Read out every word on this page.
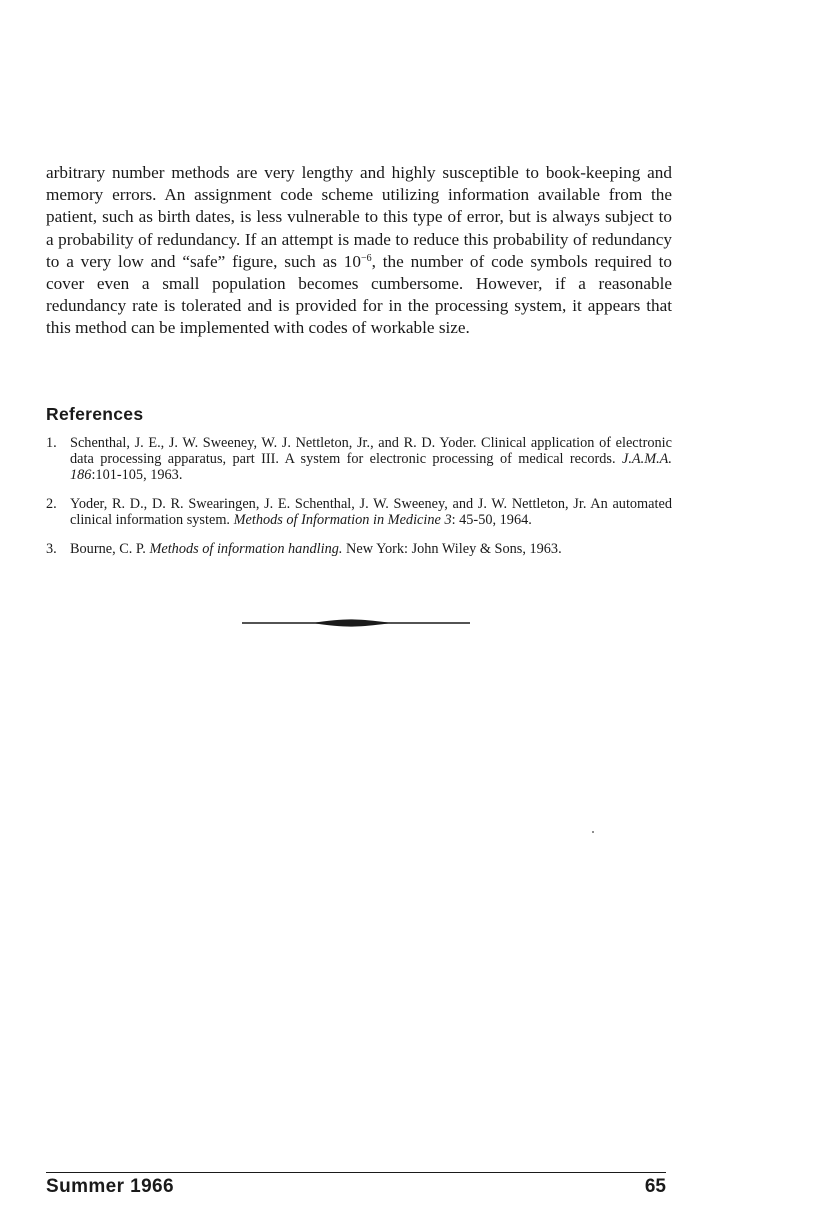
arbitrary number methods are very lengthy and highly susceptible to book-keeping and memory errors. An assignment code scheme utilizing information available from the patient, such as birth dates, is less vulnerable to this type of error, but is always subject to a probability of redundancy. If an attempt is made to reduce this probability of redundancy to a very low and “safe” figure, such as $10^{-6}$, the number of code symbols required to cover even a small population becomes cumbersome. However, if a reasonable redundancy rate is tolerated and is provided for in the processing system, it appears that this method can be implemented with codes of workable size.

References
1. Schenthal, J. E., J. W. Sweeney, W. J. Nettleton, Jr., and R. D. Yoder. Clinical application of electronic data processing apparatus, part III. A system for electronic processing of medical records. J.A.M.A. 186:101-105, 1963.
2. Yoder, R. D., D. R. Swearingen, J. E. Schenthal, J. W. Sweeney, and J. W. Nettleton, Jr. An automated clinical information system. Methods of Information in Medicine 3: 45-50, 1964.
3. Bourne, C. P. Methods of information handling. New York: John Wiley & Sons, 1963.
Summer 1966	65
